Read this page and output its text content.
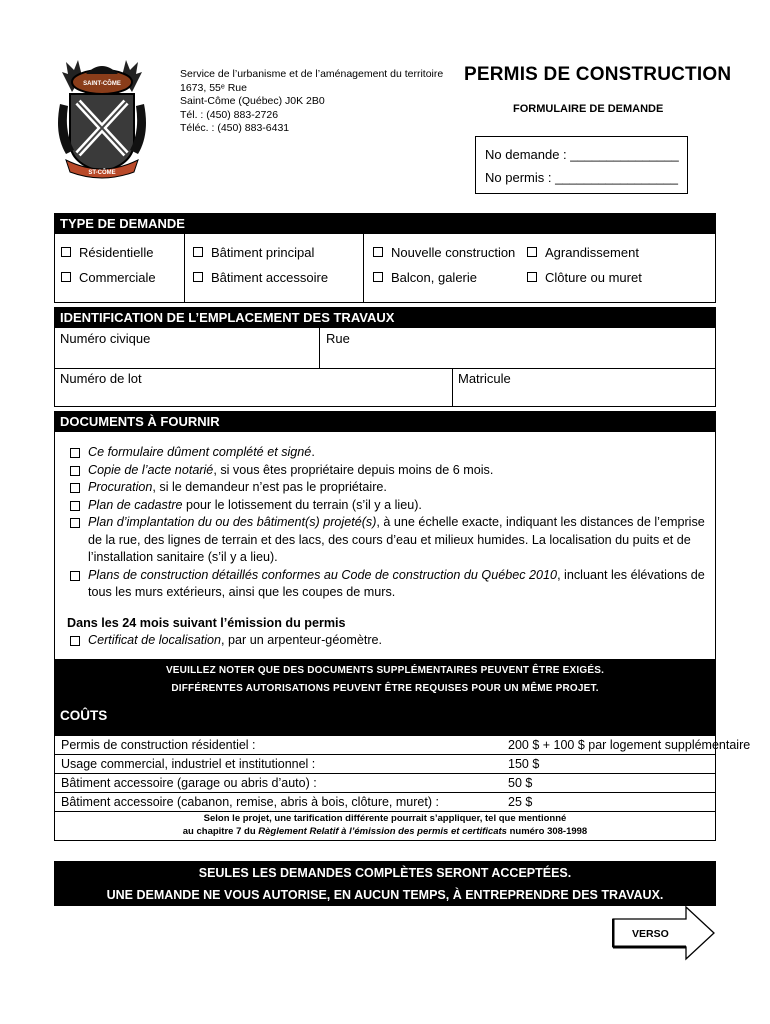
SAINT-CÔME
ST-CÔME
Service de l’urbanisme et de l’aménagement du territoire
1673, 55ᵉ Rue
Saint-Côme (Québec) J0K 2B0
Tél. : (450) 883-2726
Téléc. : (450) 883-6431
PERMIS DE CONSTRUCTION
FORMULAIRE DE DEMANDE
No demande : _______________
No permis : _________________
TYPE DE DEMANDE
Résidentielle	Bâtiment principal	Nouvelle construction	Agrandissement
Commerciale	Bâtiment accessoire	Balcon, galerie	Clôture ou muret
IDENTIFICATION DE L’EMPLACEMENT DES TRAVAUX
Numéro civique	Rue
Numéro de lot	Matricule
DOCUMENTS À FOURNIR
Ce formulaire dûment complété et signé.
Copie de l’acte notarié, si vous êtes propriétaire depuis moins de 6 mois.
Procuration, si le demandeur n’est pas le propriétaire.
Plan de cadastre pour le lotissement du terrain (s’il y a lieu).
Plan d’implantation du ou des bâtiment(s) projeté(s), à une échelle exacte, indiquant les distances de l’emprise de la rue, des lignes de terrain et des lacs, des cours d’eau et milieux humides. La localisation du puits et de l’installation sanitaire (s’il y a lieu).
Plans de construction détaillés conformes au Code de construction du Québec 2010, incluant les élévations de tous les murs extérieurs, ainsi que les coupes de murs.
Dans les 24 mois suivant l’émission du permis
Certificat de localisation, par un arpenteur-géomètre.
VEUILLEZ NOTER QUE DES DOCUMENTS SUPPLÉMENTAIRES PEUVENT ÊTRE EXIGÉS.
DIFFÉRENTES AUTORISATIONS PEUVENT ÊTRE REQUISES POUR UN MÊME PROJET.
COÛTS
Permis de construction résidentiel :	200 $ + 100 $ par logement supplémentaire
Usage commercial, industriel et institutionnel :	150 $
Bâtiment accessoire (garage ou abris d’auto) :	50 $
Bâtiment accessoire (cabanon, remise, abris à bois, clôture, muret) :	25 $
Selon le projet, une tarification différente pourrait s’appliquer, tel que mentionné
au chapitre 7 du Règlement Relatif à l’émission des permis et certificats numéro 308-1998
SEULES LES DEMANDES COMPLÈTES SERONT ACCEPTÉES.
UNE DEMANDE NE VOUS AUTORISE, EN AUCUN TEMPS, À ENTREPRENDRE DES TRAVAUX.
VERSO
